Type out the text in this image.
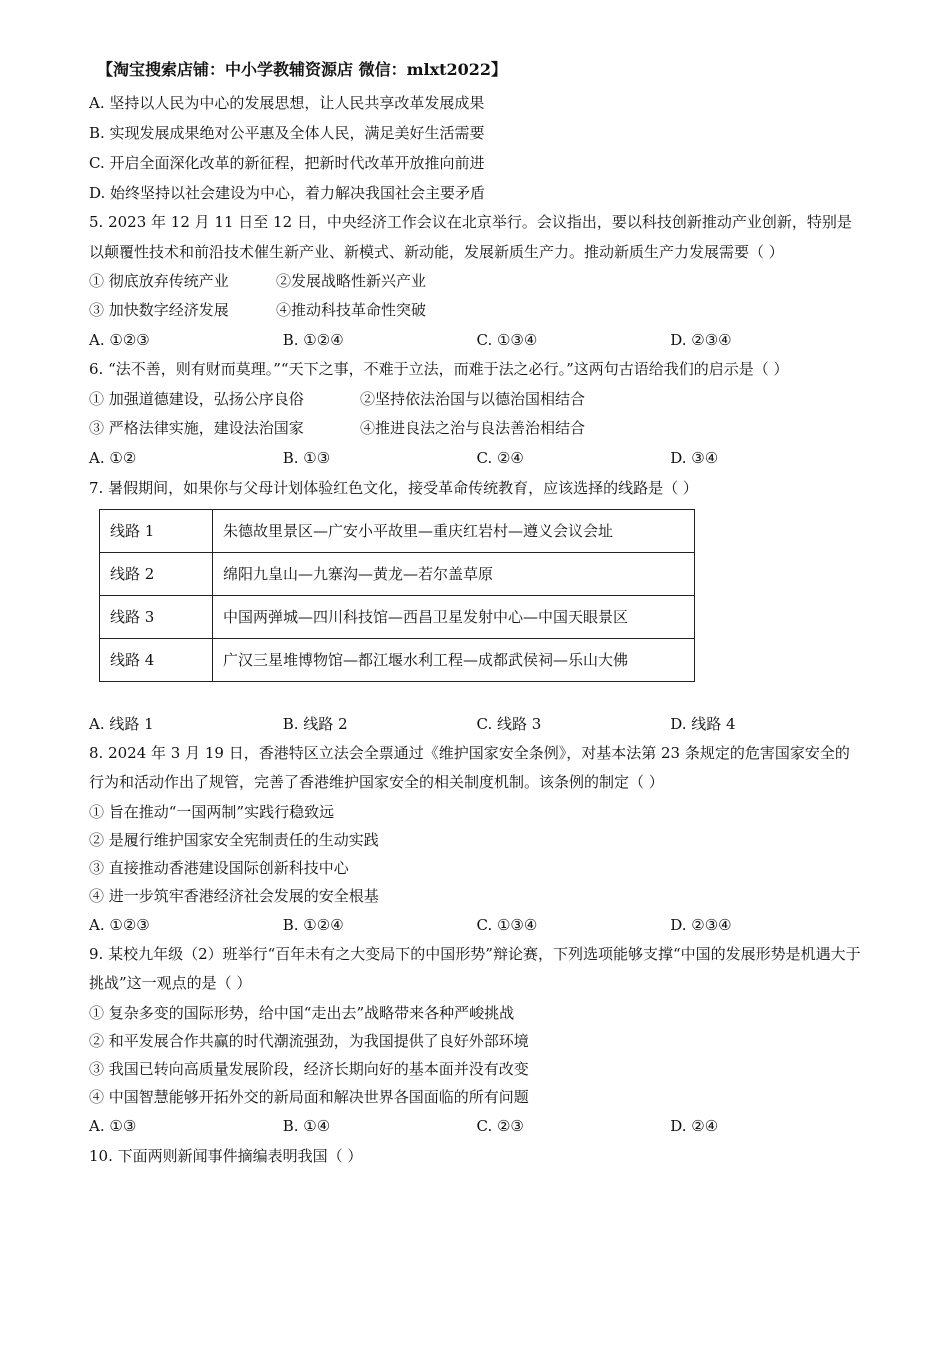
【淘宝搜索店铺：中小学教辅资源店 微信：mlxt2022】
A. 坚持以人民为中心的发展思想，让人民共享改革发展成果
B. 实现发展成果绝对公平惠及全体人民，满足美好生活需要
C. 开启全面深化改革的新征程，把新时代改革开放推向前进
D. 始终坚持以社会建设为中心，着力解决我国社会主要矛盾
5. 2023 年 12 月 11 日至 12 日，中央经济工作会议在北京举行。会议指出，要以科技创新推动产业创新，特别是以颠覆性技术和前沿技术催生新产业、新模式、新动能，发展新质生产力。推动新质生产力发展需要（ ）
① 彻底放弃传统产业	②发展战略性新兴产业
③ 加快数字经济发展	④推动科技革命性突破
A. ①②③	B. ①②④	C. ①③④	D. ②③④
6. “法不善，则有财而莫理。”“天下之事，不难于立法，而难于法之必行。”这两句古语给我们的启示是（ ）
① 加强道德建设，弘扬公序良俗	②坚持依法治国与以德治国相结合
③ 严格法律实施，建设法治国家	④推进良法之治与良法善治相结合
A. ①②	B. ①③	C. ②④	D. ③④
7. 暑假期间，如果你与父母计划体验红色文化，接受革命传统教育，应该选择的线路是（ ）
线路 1	朱德故里景区—广安小平故里—重庆红岩村—遵义会议会址
线路 2	绵阳九皇山—九寨沟—黄龙—若尔盖草原
线路 3	中国两弹城—四川科技馆—西昌卫星发射中心—中国天眼景区
线路 4	广汉三星堆博物馆—都江堰水利工程—成都武侯祠—乐山大佛
A. 线路 1	B. 线路 2	C. 线路 3	D. 线路 4
8. 2024 年 3 月 19 日，香港特区立法会全票通过《维护国家安全条例》，对基本法第 23 条规定的危害国家安全的行为和活动作出了规管，完善了香港维护国家安全的相关制度机制。该条例的制定（ ）
① 旨在推动“一国两制”实践行稳致远
② 是履行维护国家安全宪制责任的生动实践
③ 直接推动香港建设国际创新科技中心
④ 进一步筑牢香港经济社会发展的安全根基
A. ①②③	B. ①②④	C. ①③④	D. ②③④
9. 某校九年级（2）班举行“百年未有之大变局下的中国形势”辩论赛，下列选项能够支撑“中国的发展形势是机遇大于挑战”这一观点的是（ ）
① 复杂多变的国际形势，给中国“走出去”战略带来各种严峻挑战
② 和平发展合作共赢的时代潮流强劲，为我国提供了良好外部环境
③ 我国已转向高质量发展阶段，经济长期向好的基本面并没有改变
④ 中国智慧能够开拓外交的新局面和解决世界各国面临的所有问题
A. ①③	B. ①④	C. ②③	D. ②④
10. 下面两则新闻事件摘编表明我国（ ）
